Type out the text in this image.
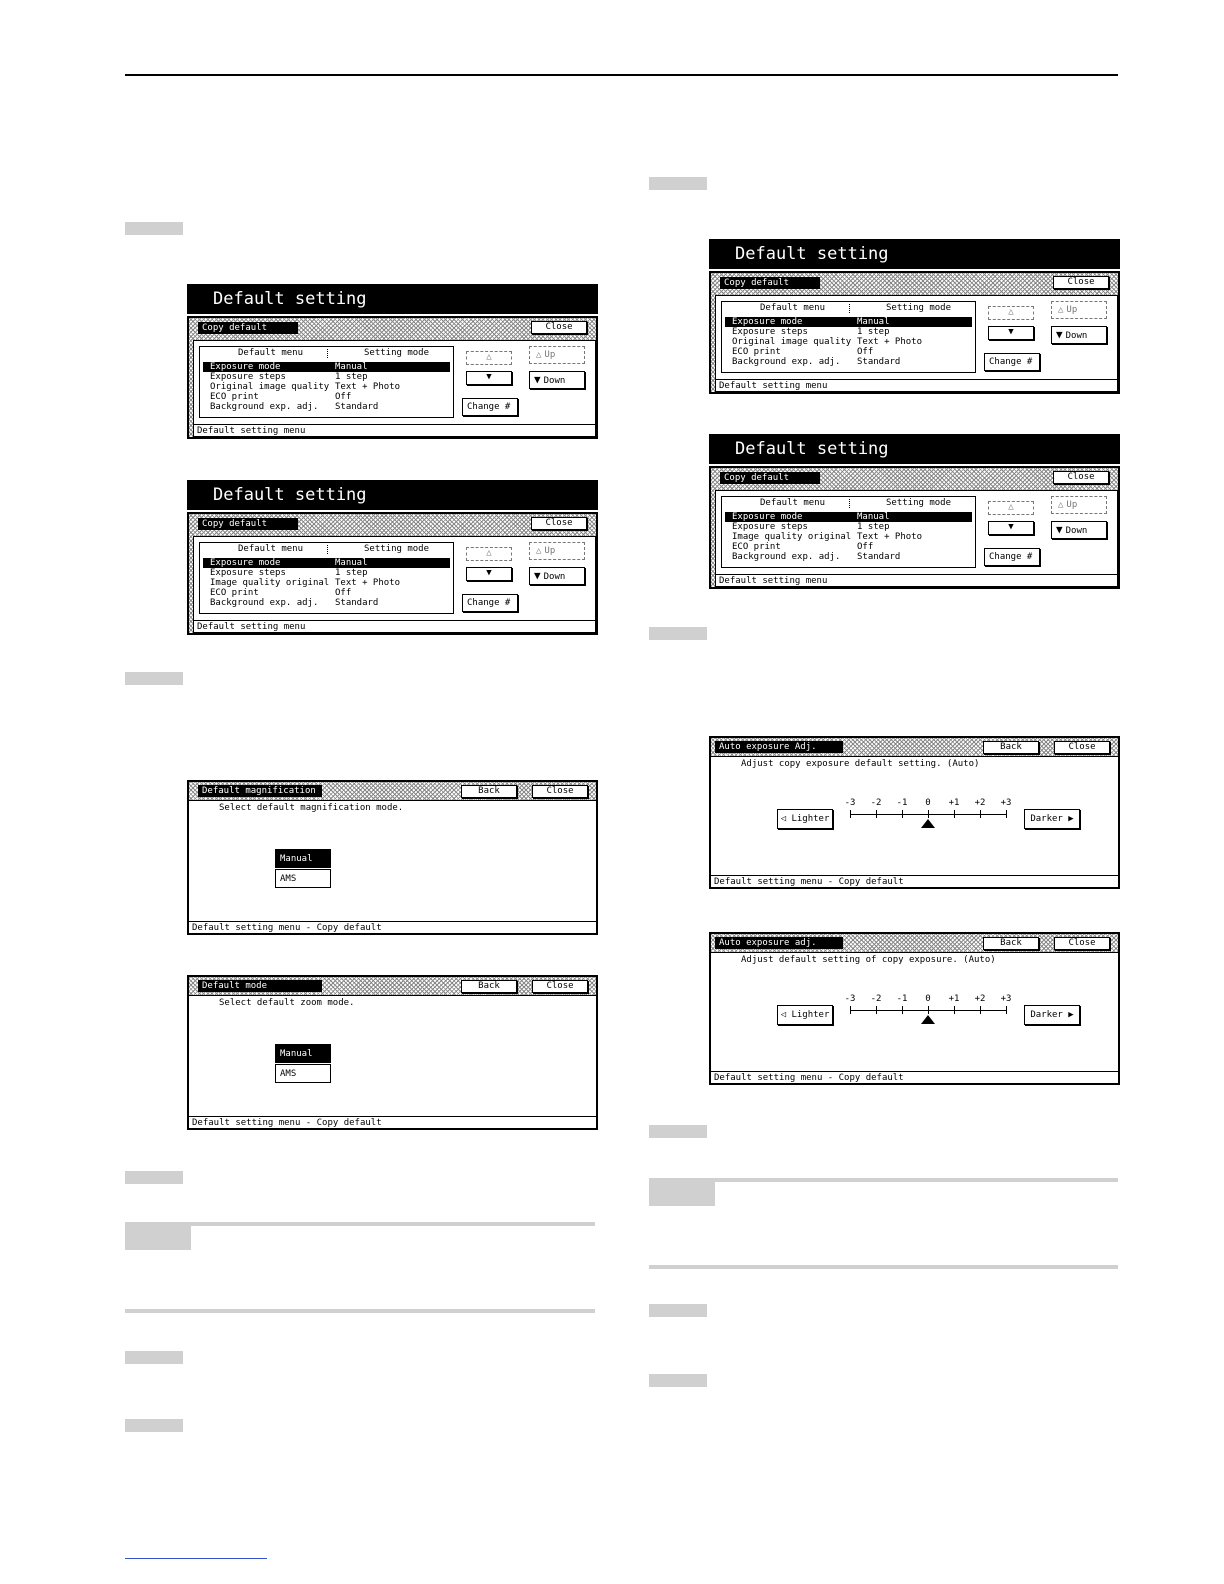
Default setting
Copy default	Close
Default menu	Setting mode
Exposure mode	Manual
Exposure steps	1 step
Original image quality Text + Photo
ECO print	Off
Background exp. adj. Standard
△
▼
△ Up
▼ Down
Change #
Default setting menu
Default setting
Copy default	Close
Default menu	Setting mode
Exposure mode	Manual
Exposure steps	1 step
Image quality original Text + Photo
ECO print	Off
Background exp. adj. Standard
△
▼
△ Up
▼ Down
Change #
Default setting menu
Default setting
Copy default	Close
Default menu	Setting mode
Exposure mode	Manual
Exposure steps	1 step
Original image quality Text + Photo
ECO print	Off
Background exp. adj. Standard
△
▼
△ Up
▼ Down
Change #
Default setting menu
Default setting
Copy default	Close
Default menu	Setting mode
Exposure mode	Manual
Exposure steps	1 step
Image quality original Text + Photo
ECO print	Off
Background exp. adj. Standard
△
▼
△ Up
▼ Down
Change #
Default setting menu
Default magnification	Back	Close
Select default magnification mode.
Manual
AMS
Default setting menu - Copy default
Default mode	Back	Close
Select default zoom mode.
Manual
AMS
Default setting menu - Copy default
Auto exposure Adj.	Back	Close
Adjust copy exposure default setting. (Auto)
◁ Lighter	Darker ▶
-3	-2	-1	0	+1	+2	+3
Default setting menu - Copy default
Auto exposure adj.	Back	Close
Adjust default setting of copy exposure. (Auto)
◁ Lighter	Darker ▶
-3	-2	-1	0	+1	+2	+3
Default setting menu - Copy default
